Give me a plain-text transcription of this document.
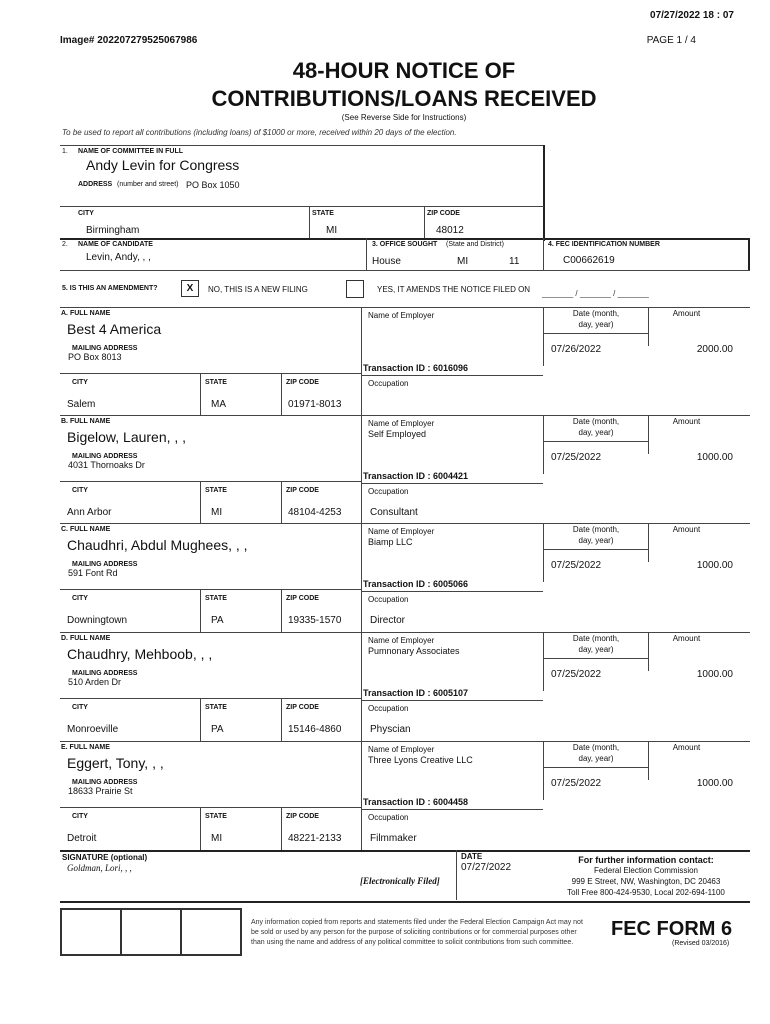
07/27/2022 18 : 07
Image# 202207279525067986	PAGE 1 / 4
48-HOUR NOTICE OF
CONTRIBUTIONS/LOANS RECEIVED
(See Reverse Side for Instructions)
To be used to report all contributions (including loans) of $1000 or more, received within 20 days of the election.
1. NAME OF COMMITTEE IN FULL
Andy Levin for Congress
ADDRESS (number and street) PO Box 1050
CITY
Birmingham
STATE
MI
ZIP CODE
48012
2. NAME OF CANDIDATE
Levin, Andy, , ,
3. OFFICE SOUGHT (State and District)
House	MI	11
4. FEC IDENTIFICATION NUMBER
C00662619
5. IS THIS AN AMENDMENT?	X	NO, THIS IS A NEW FILING	YES, IT AMENDS THE NOTICE FILED ON _______ / _______ / _______
A. FULL NAME
Best 4 America
MAILING ADDRESS
PO Box 8013
CITY	STATE	ZIP CODE
Salem	MA	01971-8013
Name of Employer
Transaction ID : 6016096
Occupation
Date (month,
day, year)
Amount
07/26/2022	2000.00
B. FULL NAME
Bigelow, Lauren, , ,
MAILING ADDRESS
4031 Thornoaks Dr
CITY	STATE	ZIP CODE
Ann Arbor	MI	48104-4253
Name of Employer
Self Employed
Transaction ID : 6004421
Occupation
Consultant
Date (month,
day, year)
Amount
07/25/2022	1000.00
C. FULL NAME
Chaudhri, Abdul Mughees, , ,
MAILING ADDRESS
591 Font Rd
CITY	STATE	ZIP CODE
Downingtown	PA	19335-1570
Name of Employer
Biamp LLC
Transaction ID : 6005066
Occupation
Director
Date (month,
day, year)
Amount
07/25/2022	1000.00
D. FULL NAME
Chaudhry, Mehboob, , ,
MAILING ADDRESS
510 Arden Dr
CITY	STATE	ZIP CODE
Monroeville	PA	15146-4860
Name of Employer
Pumnonary Associates
Transaction ID : 6005107
Occupation
Physcian
Date (month,
day, year)
Amount
07/25/2022	1000.00
E. FULL NAME
Eggert, Tony, , ,
MAILING ADDRESS
18633 Prairie St
CITY	STATE	ZIP CODE
Detroit	MI	48221-2133
Name of Employer
Three Lyons Creative LLC
Transaction ID : 6004458
Occupation
Filmmaker
Date (month,
day, year)
Amount
07/25/2022	1000.00
SIGNATURE (optional)
Goldman, Lori, , ,
[Electronically Filed]
DATE
07/27/2022
For further information contact:
Federal Election Commission
999 E Street, NW, Washington, DC 20463
Toll Free 800-424-9530, Local 202-694-1100
Any information copied from reports and statements filed under the Federal Election Campaign Act may not
be sold or used by any person for the purpose of soliciting contributions or for commercial purposes other
than using the name and address of any political committee to solicit contributions from such committee.
FEC FORM 6
(Revised 03/2016)
